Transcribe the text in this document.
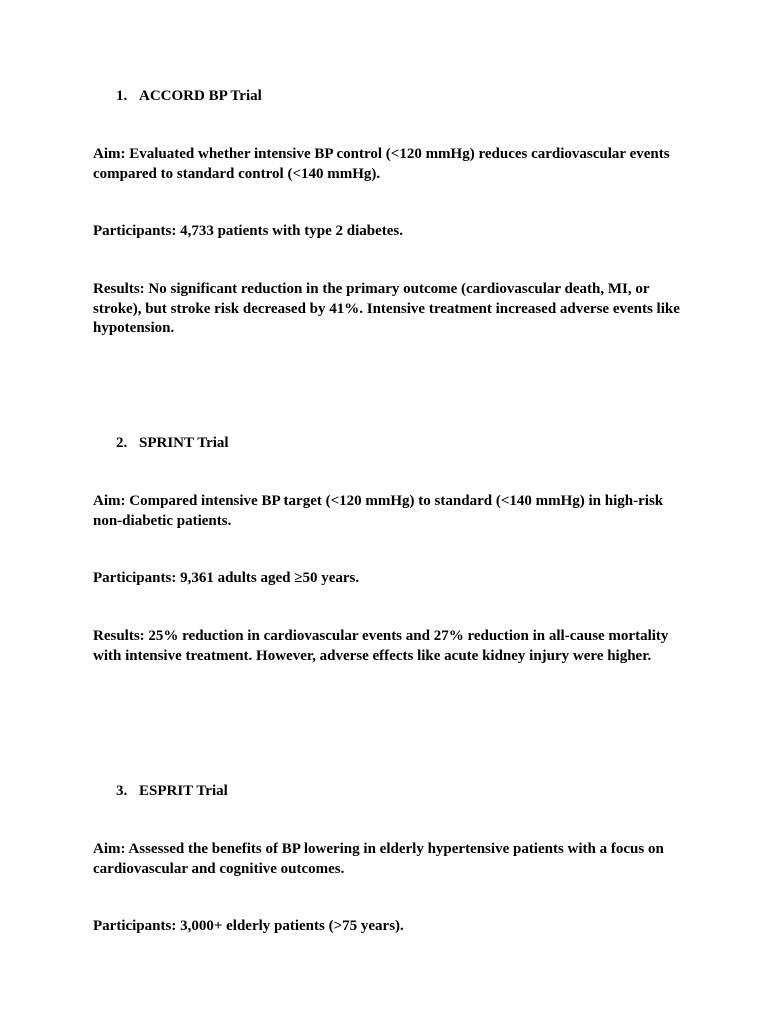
1. ACCORD BP Trial
Aim: Evaluated whether intensive BP control (<120 mmHg) reduces cardiovascular events compared to standard control (<140 mmHg).
Participants: 4,733 patients with type 2 diabetes.
Results: No significant reduction in the primary outcome (cardiovascular death, MI, or stroke), but stroke risk decreased by 41%. Intensive treatment increased adverse events like hypotension.
2. SPRINT Trial
Aim: Compared intensive BP target (<120 mmHg) to standard (<140 mmHg) in high-risk non-diabetic patients.
Participants: 9,361 adults aged ≥50 years.
Results: 25% reduction in cardiovascular events and 27% reduction in all-cause mortality with intensive treatment. However, adverse effects like acute kidney injury were higher.
3. ESPRIT Trial
Aim: Assessed the benefits of BP lowering in elderly hypertensive patients with a focus on cardiovascular and cognitive outcomes.
Participants: 3,000+ elderly patients (>75 years).
